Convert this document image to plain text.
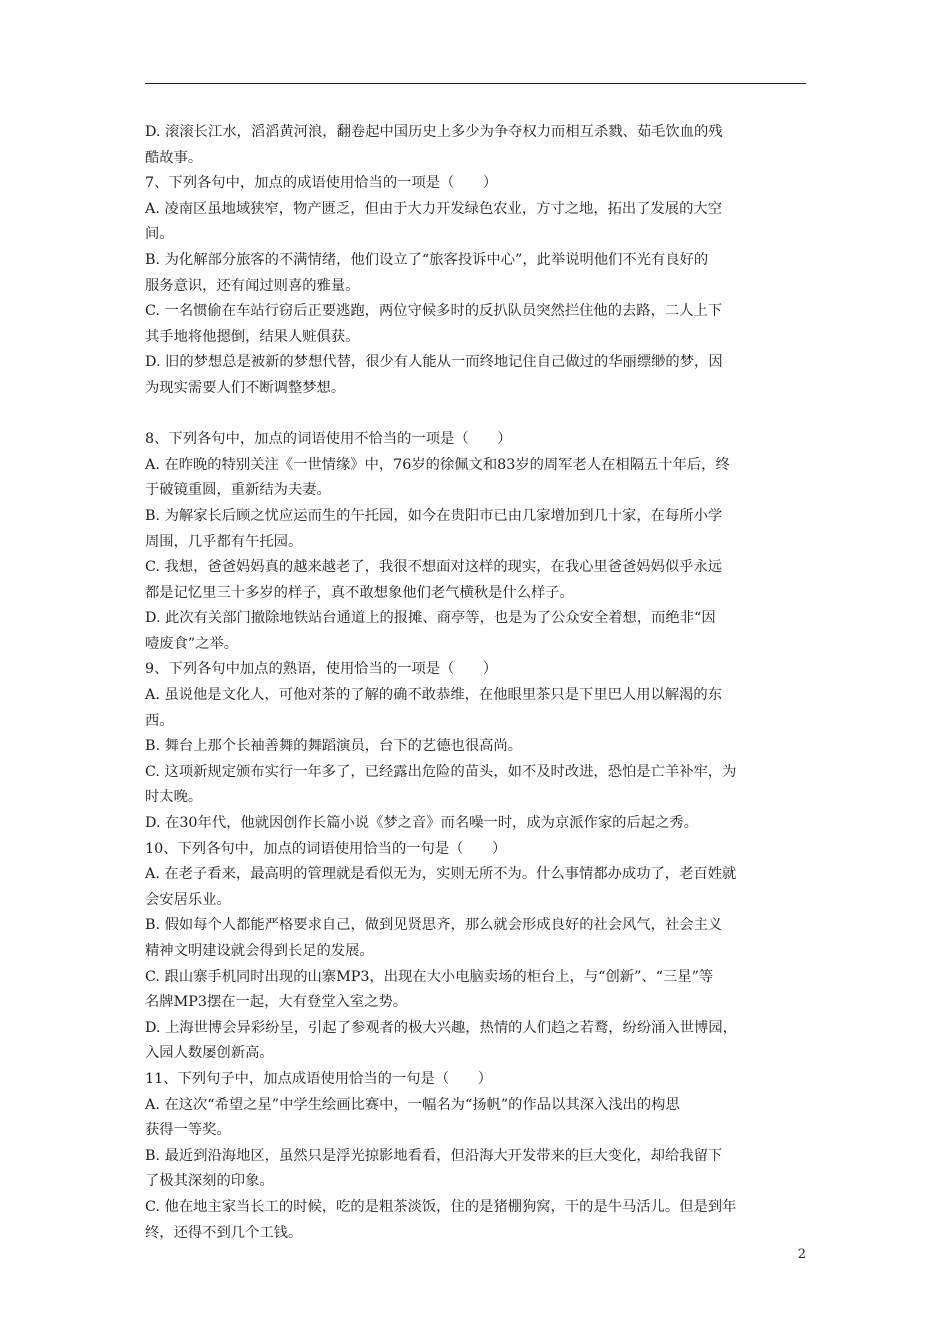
D. 滚滚长江水，滔滔黄河浪，翻卷起中国历史上多少为争夺权力而相互杀戮、茹毛饮血的残

酷故事。

7、下列各句中，加点的成语使用恰当的一项是（　　）

A. 凌南区虽地域狭窄，物产匮乏，但由于大力开发绿色农业，方寸之地，拓出了发展的大空

间。

B. 为化解部分旅客的不满情绪，他们设立了“旅客投诉中心”，此举说明他们不光有良好的

服务意识，还有闻过则喜的雅量。

C. 一名惯偷在车站行窃后正要逃跑，两位守候多时的反扒队员突然拦住他的去路，二人上下

其手地将他摁倒，结果人赃俱获。

D. 旧的梦想总是被新的梦想代替，很少有人能从一而终地记住自己做过的华丽缥缈的梦，因

为现实需要人们不断调整梦想。

8、下列各句中，加点的词语使用不恰当的一项是（　　）

A. 在昨晚的特别关注《一世情缘》中，76岁的徐佩文和83岁的周军老人在相隔五十年后，终

于破镜重圆，重新结为夫妻。

B. 为解家长后顾之忧应运而生的午托园，如今在贵阳市已由几家增加到几十家，在每所小学

周围，几乎都有午托园。

C. 我想，爸爸妈妈真的越来越老了，我很不想面对这样的现实，在我心里爸爸妈妈似乎永远

都是记忆里三十多岁的样子，真不敢想象他们老气横秋是什么样子。

D. 此次有关部门撤除地铁站台通道上的报摊、商亭等，也是为了公众安全着想，而绝非“因

噎废食”之举。

9、下列各句中加点的熟语，使用恰当的一项是（　　）

A. 虽说他是文化人，可他对茶的了解的确不敢恭维，在他眼里茶只是下里巴人用以解渴的东

西。

B. 舞台上那个长袖善舞的舞蹈演员，台下的艺德也很高尚。

C. 这项新规定颁布实行一年多了，已经露出危险的苗头，如不及时改进，恐怕是亡羊补牢，为

时太晚。

D. 在30年代，他就因创作长篇小说《梦之音》而名噪一时，成为京派作家的后起之秀。

10、下列各句中，加点的词语使用恰当的一句是（　　）

A. 在老子看来，最高明的管理就是看似无为，实则无所不为。什么事情都办成功了，老百姓就

会安居乐业。

B. 假如每个人都能严格要求自己，做到见贤思齐，那么就会形成良好的社会风气，社会主义

精神文明建设就会得到长足的发展。

C. 跟山寨手机同时出现的山寨MP3，出现在大小电脑卖场的柜台上，与“创新”、“三星”等

名牌MP3摆在一起，大有登堂入室之势。

D. 上海世博会异彩纷呈，引起了参观者的极大兴趣，热情的人们趋之若鹜，纷纷涌入世博园，

入园人数屡创新高。

11、下列句子中，加点成语使用恰当的一句是（　　）

A. 在这次“希望之星”中学生绘画比赛中，一幅名为“扬帆”的作品以其深入浅出的构思

获得一等奖。

B. 最近到沿海地区，虽然只是浮光掠影地看看，但沿海大开发带来的巨大变化，却给我留下

了极其深刻的印象。

C. 他在地主家当长工的时候，吃的是粗茶淡饭，住的是猪棚狗窝，干的是牛马活儿。但是到年

终，还得不到几个工钱。

2
